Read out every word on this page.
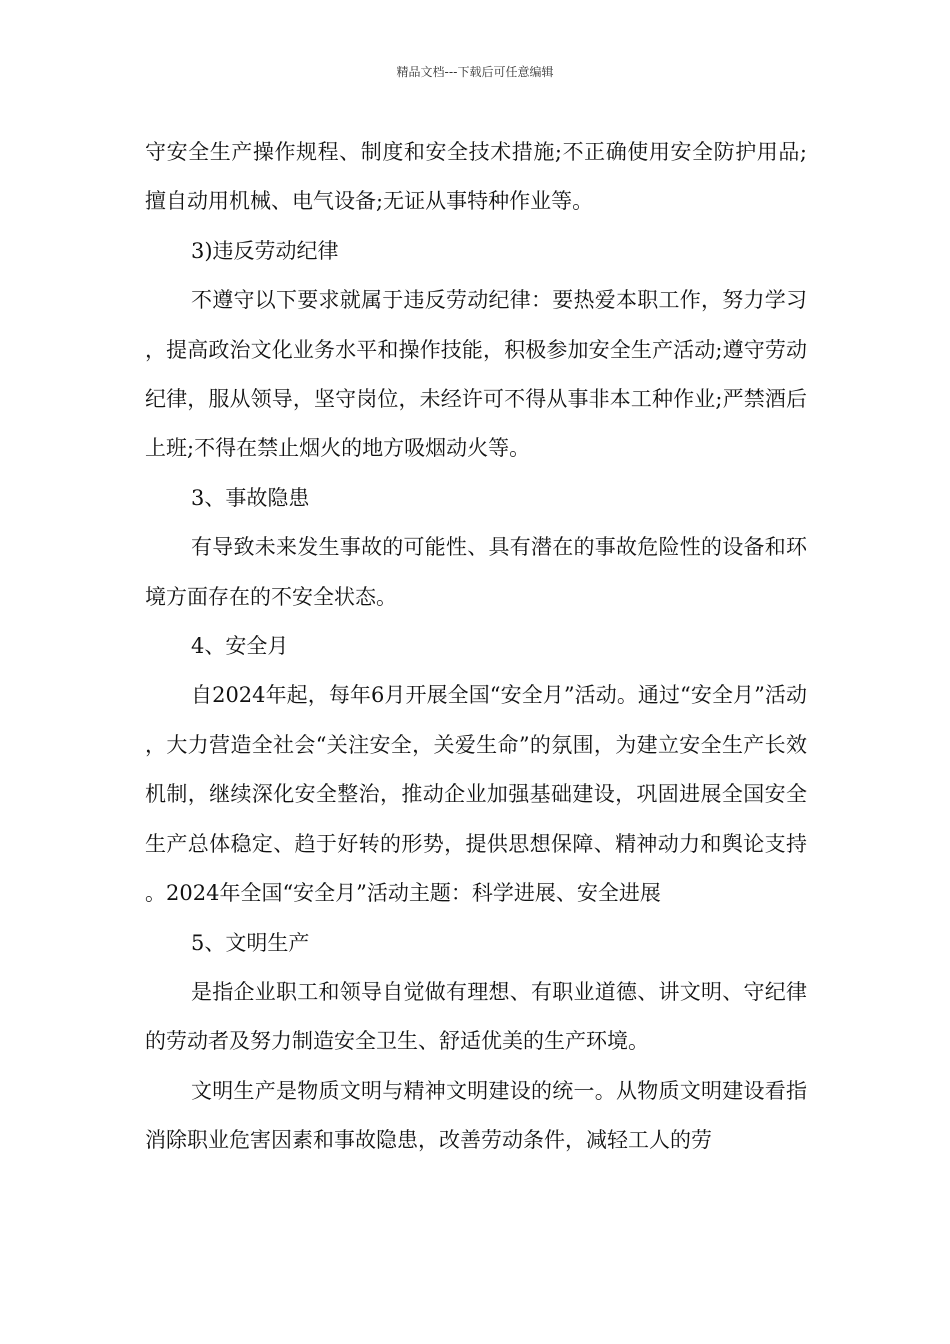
精品文档---下载后可任意编辑

守安全生产操作规程、制度和安全技术措施;不正确使用安全防护用品;擅自动用机械、电气设备;无证从事特种作业等。

3)违反劳动纪律

不遵守以下要求就属于违反劳动纪律：要热爱本职工作，努力学习，提高政治文化业务水平和操作技能，积极参加安全生产活动;遵守劳动纪律，服从领导，坚守岗位，未经许可不得从事非本工种作业;严禁酒后上班;不得在禁止烟火的地方吸烟动火等。

3、事故隐患

有导致未来发生事故的可能性、具有潜在的事故危险性的设备和环境方面存在的不安全状态。

4、安全月

自2024年起，每年6月开展全国“安全月”活动。通过“安全月”活动，大力营造全社会“关注安全，关爱生命”的氛围，为建立安全生产长效机制，继续深化安全整治，推动企业加强基础建设，巩固进展全国安全生产总体稳定、趋于好转的形势，提供思想保障、精神动力和舆论支持。2024年全国“安全月”活动主题：科学进展、安全进展

5、文明生产

是指企业职工和领导自觉做有理想、有职业道德、讲文明、守纪律的劳动者及努力制造安全卫生、舒适优美的生产环境。

文明生产是物质文明与精神文明建设的统一。从物质文明建设看指消除职业危害因素和事故隐患，改善劳动条件，减轻工人的劳
